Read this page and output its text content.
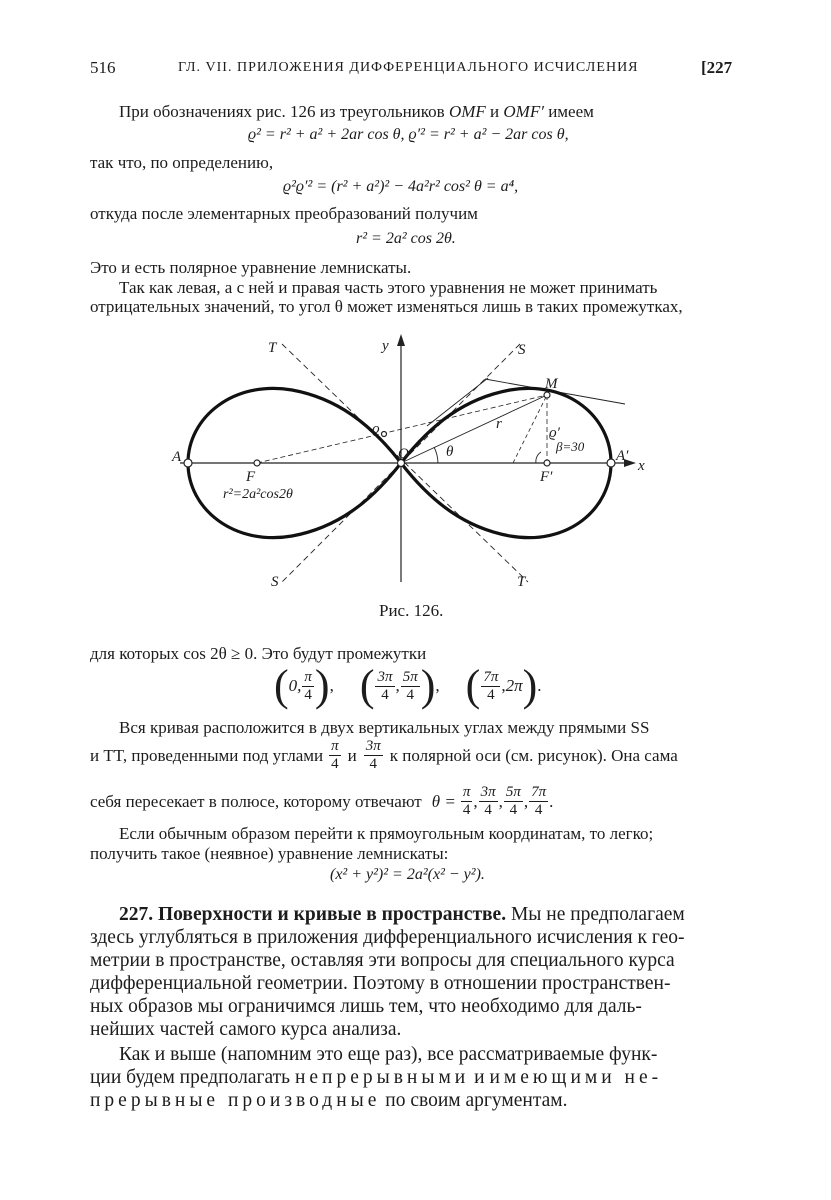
516	ГЛ. VII. ПРИЛОЖЕНИЯ ДИФФЕРЕНЦИАЛЬНОГО ИСЧИСЛЕНИЯ	[227
При обозначениях рис. 126 из треугольников OMF и OMF′ имеем
ϱ² = r² + a² + 2ar cos θ, ϱ′² = r² + a² − 2ar cos θ,
так что, по определению,
ϱ²ϱ′² = (r² + a²)² − 4a²r² cos² θ = a⁴,
откуда после элементарных преобразований получим
r² = 2a² cos 2θ.
Это и есть полярное уравнение лемнискаты.
Так как левая, а с ней и правая часть этого уравнения не может принимать
отрицательных значений, то угол θ может изменяться лишь в таких промежутках,
T	y	S
M
A
ϱ
O θ
r
ϱ′
β=30
A′
x
F	F′
r²=2a²cos2θ
S	T
Рис. 126.
для которых cos 2θ ≥ 0. Это будут промежутки
( 0, $\frac{\pi}{4}$ ) , ( $\frac{3\pi}{4}$ , $\frac{5\pi}{4}$ ) , ( $\frac{7\pi}{4}$ , 2π ) .
Вся кривая расположится в двух вертикальных углах между прямыми SS
и TT, проведенными под углами $\frac{\pi}{4}$ и $\frac{3\pi}{4}$ к полярной оси (см. рисунок). Она сама
себя пересекает в полюсе, которому отвечают $\theta = \frac{\pi}{4}$ , $\frac{3\pi}{4}$ , $\frac{5\pi}{4}$ , $\frac{7\pi}{4}$ .
Если обычным образом перейти к прямоугольным координатам, то легко;
получить такое (неявное) уравнение лемнискаты:
(x² + y²)² = 2a²(x² − y²).
227. Поверхности и кривые в пространстве. Мы не предполагаем
здесь углубляться в приложения дифференциального исчисления к гео-
метрии в пространстве, оставляя эти вопросы для специального курса
дифференциальной геометрии. Поэтому в отношении пространствен-
ных образов мы ограничимся лишь тем, что необходимо для даль-
нейших частей самого курса анализа.
Как и выше (напомним это еще раз), все рассматриваемые функ-
ции будем предполагать непрерывными и имеющими не-
прерывные производные по своим аргументам.
